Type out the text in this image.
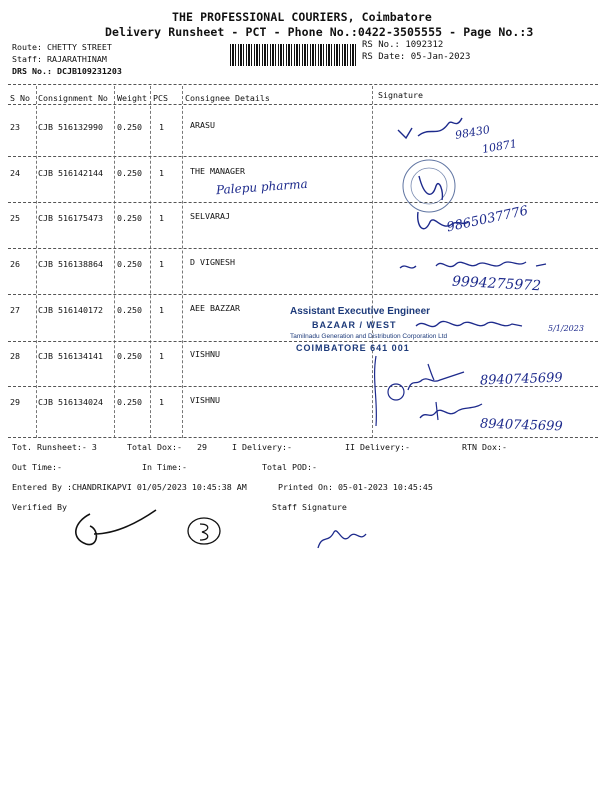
THE PROFESSIONAL COURIERS, Coimbatore
Delivery Runsheet - PCT - Phone No.:0422-3505555 - Page No.:3
Route: CHETTY STREET
Staff: RAJARATHINAM
DRS No.: DCJB109231203
RS No.: 1092312
RS Date: 05-Jan-2023
S No Consignment No Weight PCS Consignee Details	Signature
23 CJB 516132990 0.250 1	ARASU
24 CJB 516142144 0.250 1	THE MANAGER
25 CJB 516175473 0.250 1	SELVARAJ
26 CJB 516138864 0.250 1	D VIGNESH
27 CJB 516140172 0.250 1	AEE BAZZAR
28 CJB 516134141 0.250 1	VISHNU
29 CJB 516134024 0.250 1	VISHNU
98430
10871
Palepu pharma
9865037776
9994275972
Assistant Executive Engineer
BAZAAR / WEST
Tamilnadu Generation and Distribution Corporation Ltd
COIMBATORE 641 001
5/1/2023
8940745699
8940745699
Tot. Runsheet:- 3	Total Dox:- 29	I Delivery:-	II Delivery:-	RTN Dox:-
Out Time:-	In Time:-	Total POD:-
Entered By :CHANDRIKAPVI 01/05/2023 10:45:38 AM	Printed On: 05-01-2023 10:45:45
Verified By	Staff Signature
